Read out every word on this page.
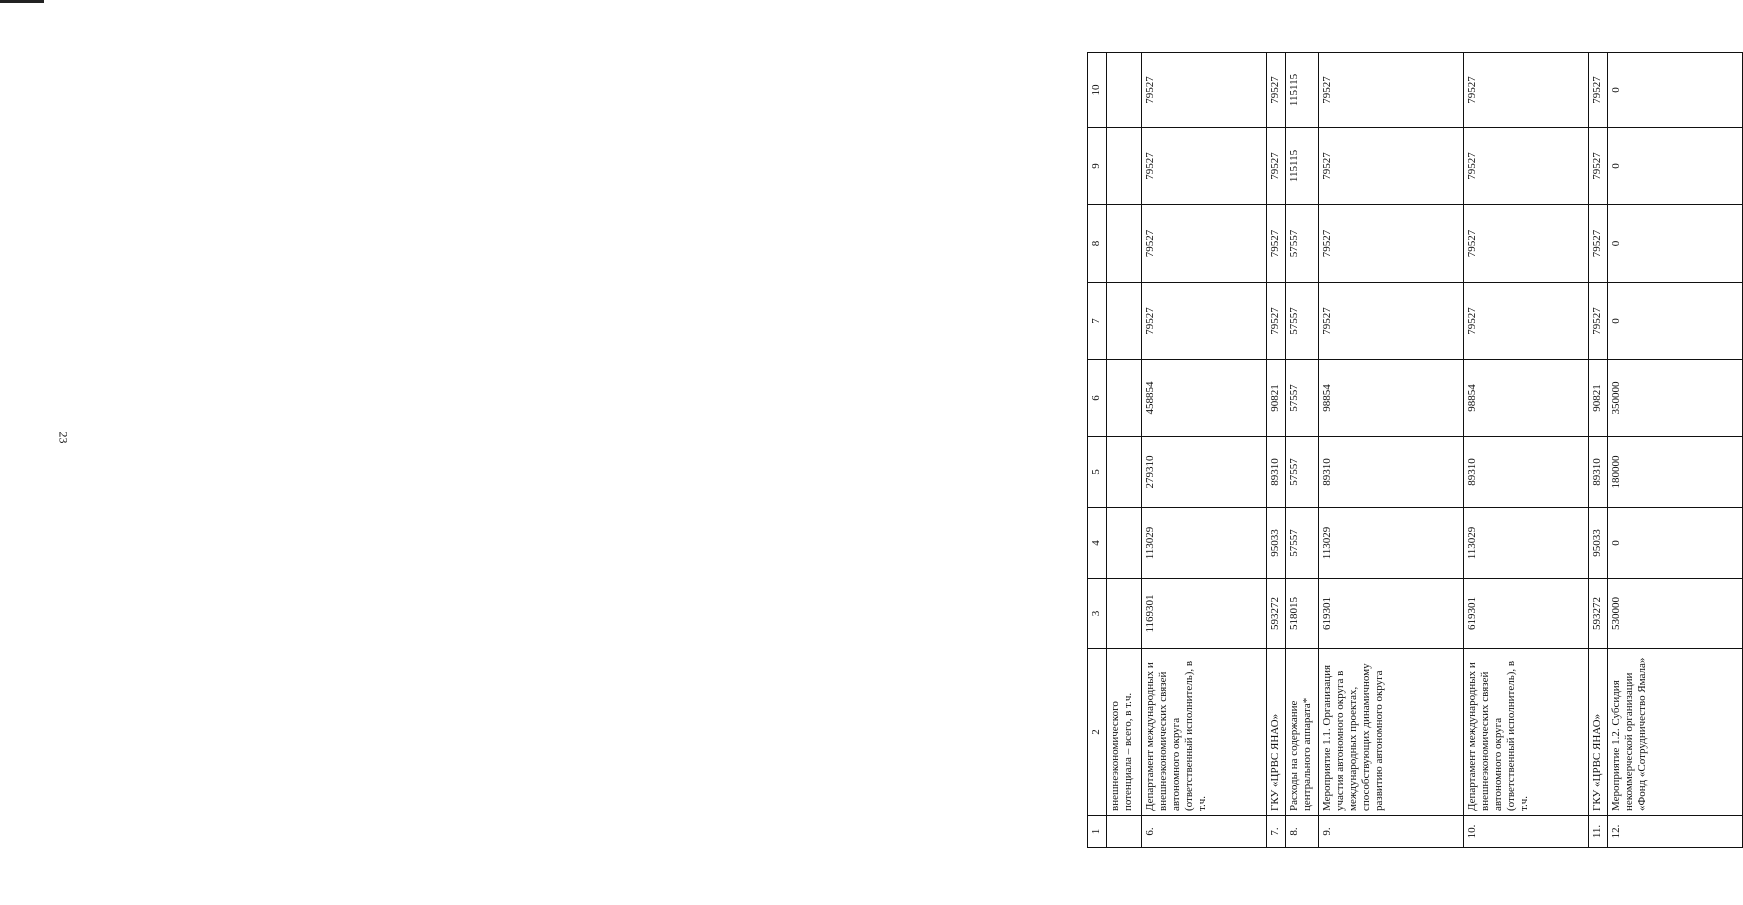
23
1	2	3	4	5	6	7	8	9	10
	внешнеэкономического потенциала – всего, в т.ч.								
6.	Департамент международных и внешнеэкономических связей автономного округа (ответственный исполнитель), в т.ч.	1169301	113029	279310	458854	79527	79527	79527	79527
7.	ГКУ «ЦРВС ЯНАО»	593272	95033	89310	90821	79527	79527	79527	79527
8.	Расходы на содержание центрального аппарата*	518015	57557	57557	57557	57557	57557	115115	115115
9.	Мероприятие 1.1. Организация участия автономного округа в международных проектах, способствующих динамичному развитию автономного округа	619301	113029	89310	98854	79527	79527	79527	79527
10.	Департамент международных и внешнеэкономических связей автономного округа (ответственный исполнитель), в т.ч.	619301	113029	89310	98854	79527	79527	79527	79527
11.	ГКУ «ЦРВС ЯНАО»	593272	95033	89310	90821	79527	79527	79527	79527
12.	Мероприятие 1.2. Субсидия некоммерческой организации «Фонд «Сотрудничество Ямала»	530000	0	180000	350000	0	0	0	0
